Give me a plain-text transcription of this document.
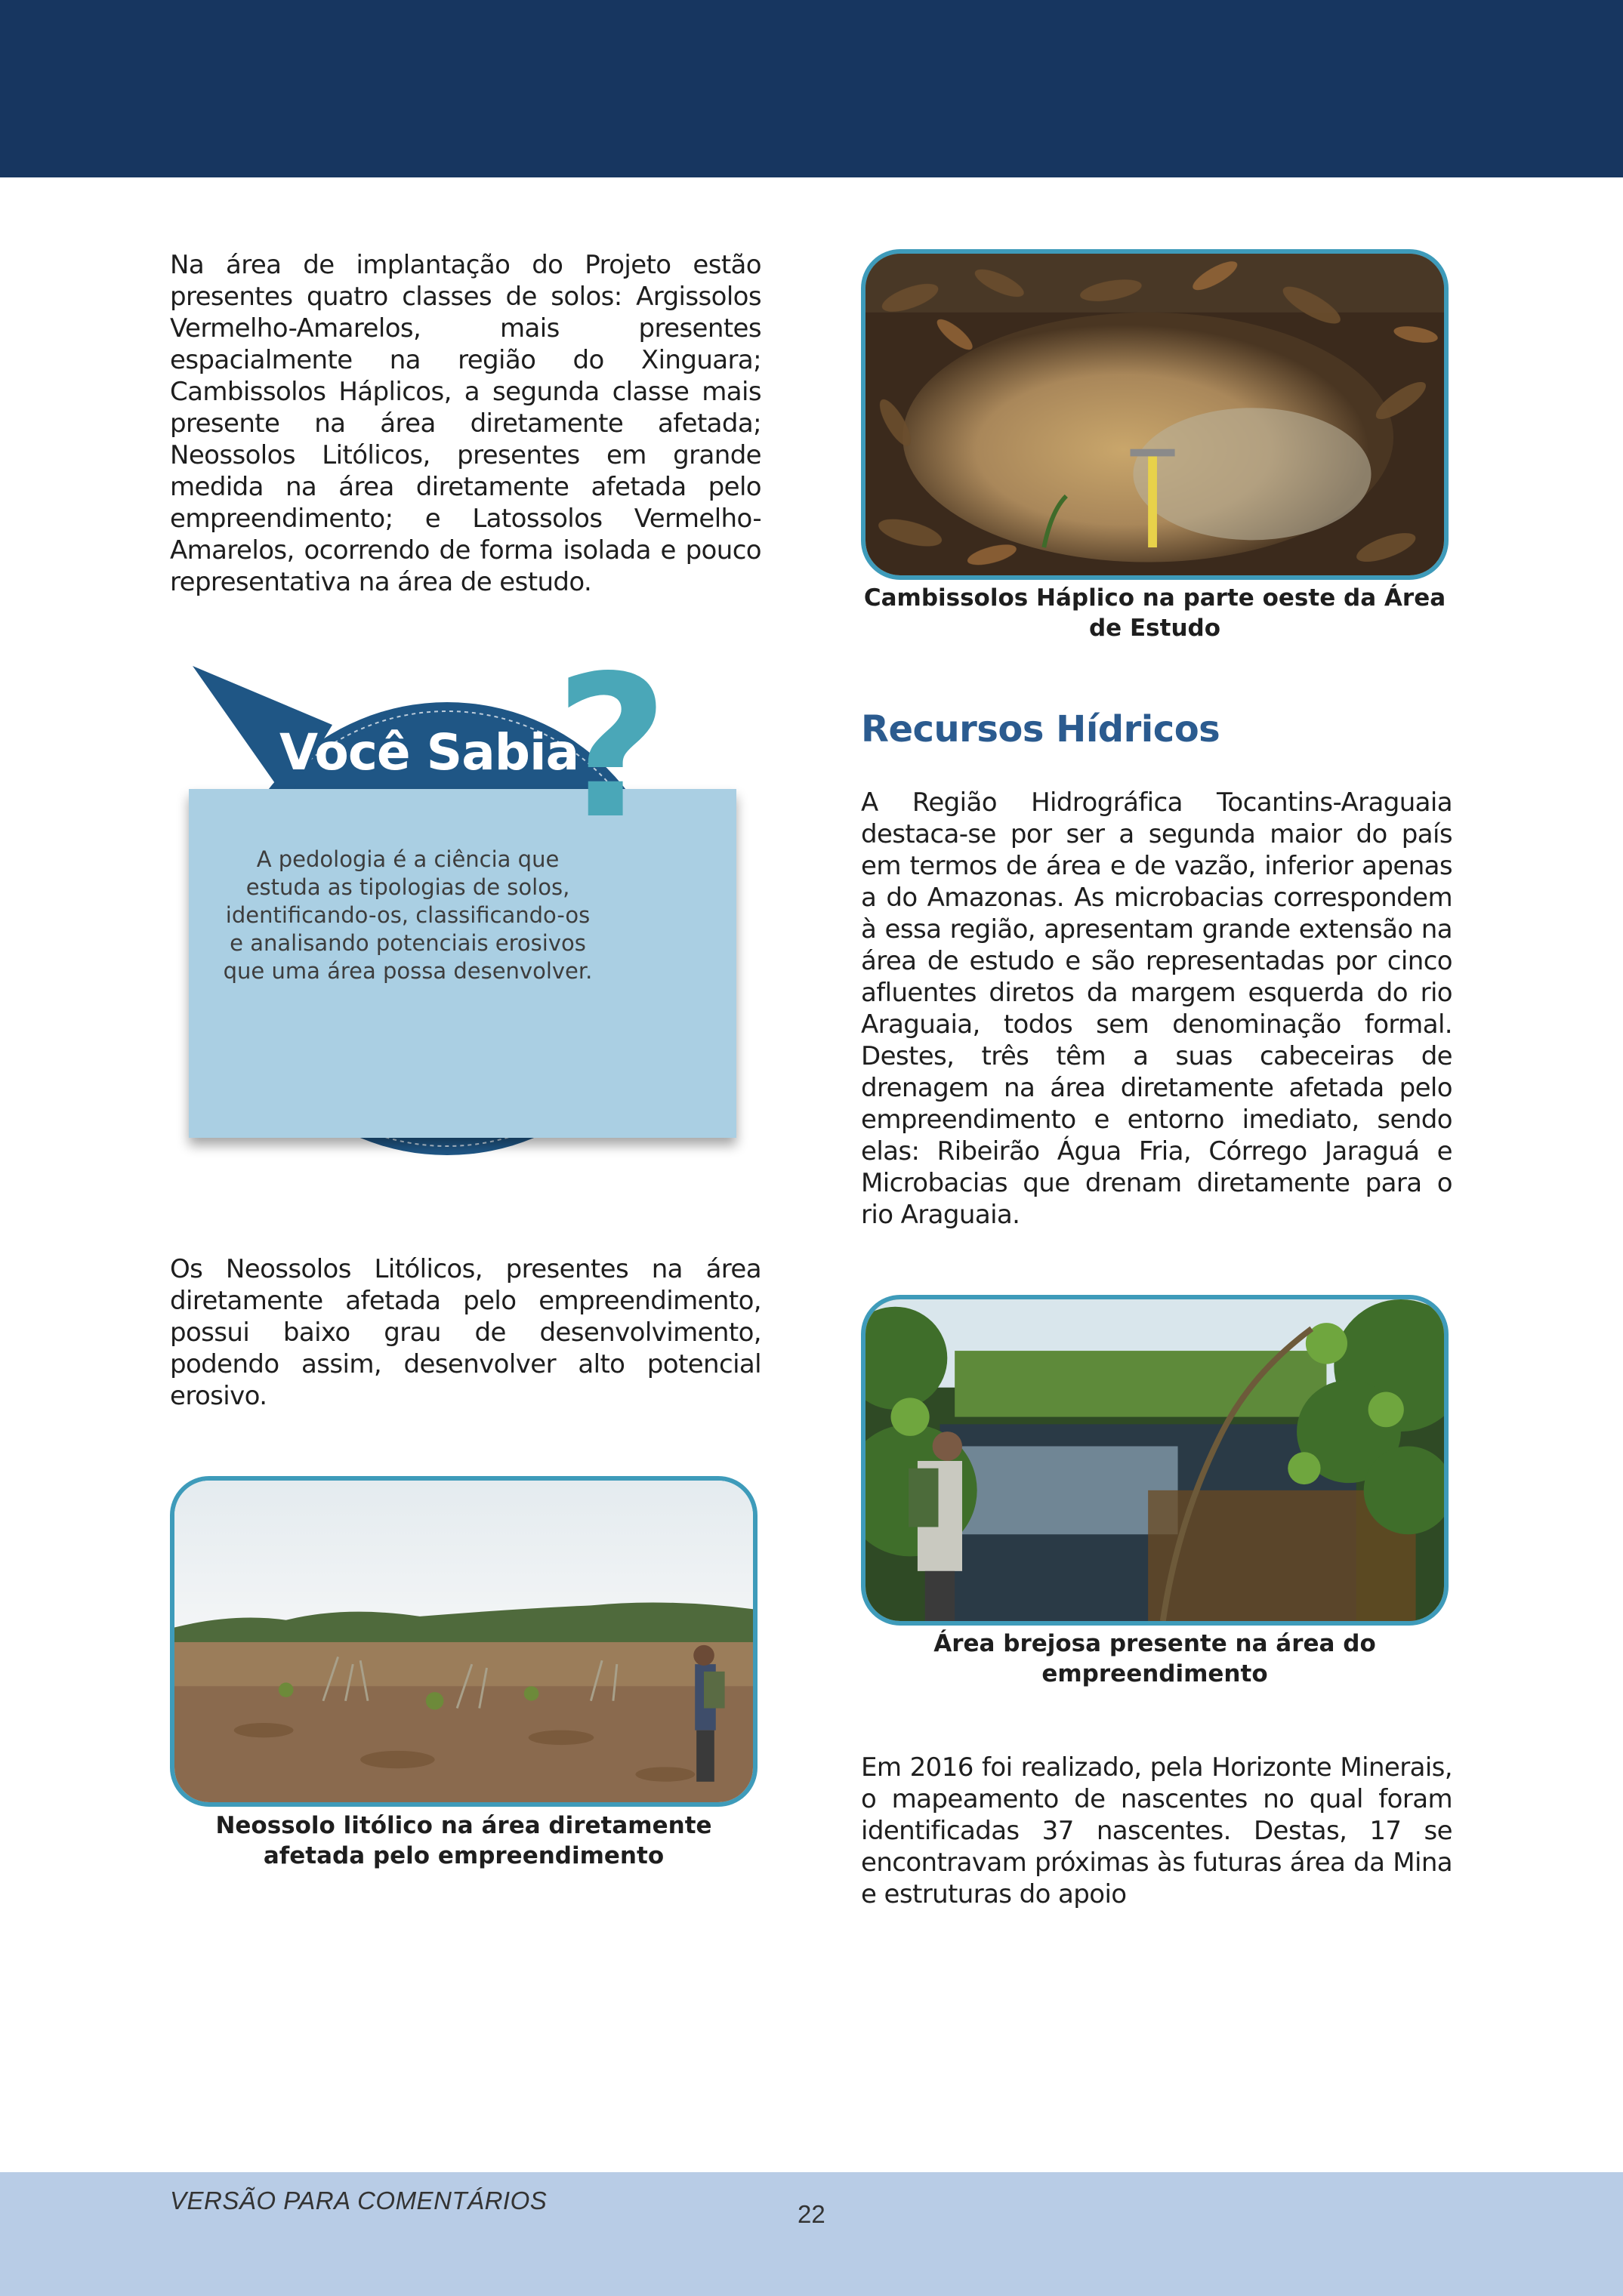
Na área de implantação do Projeto estão presentes quatro classes de solos: Argissolos Vermelho-Amarelos, mais presentes espacialmente na região do Xinguara; Cambissolos Háplicos, a segunda classe mais presente na área diretamente afetada; Neossolos Litólicos, presentes em grande medida na área diretamente afetada pelo empreendimento; e Latossolos Vermelho-Amarelos, ocorrendo de forma isolada e pouco representativa na área de estudo.

Cambissolos Háplico na parte oeste da Área de Estudo

?

Você Sabia

A pedologia é a ciência que estuda as tipologias de solos, identificando-os, classificando-os e analisando potenciais erosivos que uma área possa desenvolver.

Recursos Hídricos

A Região Hidrográfica Tocantins-Araguaia destaca-se por ser a segunda maior do país em termos de área e de vazão, inferior apenas a do Amazonas. As microbacias correspondem à essa região, apresentam grande extensão na área de estudo e são representadas por cinco afluentes diretos da margem esquerda do rio Araguaia, todos sem denominação formal. Destes, três têm a suas cabeceiras de drenagem na área diretamente afetada pelo empreendimento e entorno imediato, sendo elas: Ribeirão Água Fria, Córrego Jaraguá e Microbacias que drenam diretamente para o rio Araguaia.

Os Neossolos Litólicos, presentes na área diretamente afetada pelo empreendimento, possui baixo grau de desenvolvimento, podendo assim, desenvolver alto potencial erosivo.

Área brejosa presente na área do empreendimento

Neossolo litólico na área diretamente afetada pelo empreendimento

Em 2016 foi realizado, pela Horizonte Minerais, o mapeamento de nascentes no qual foram identificadas 37 nascentes. Destas, 17 se encontravam próximas às futuras área da Mina e estruturas do apoio

VERSÃO PARA COMENTÁRIOS	22
